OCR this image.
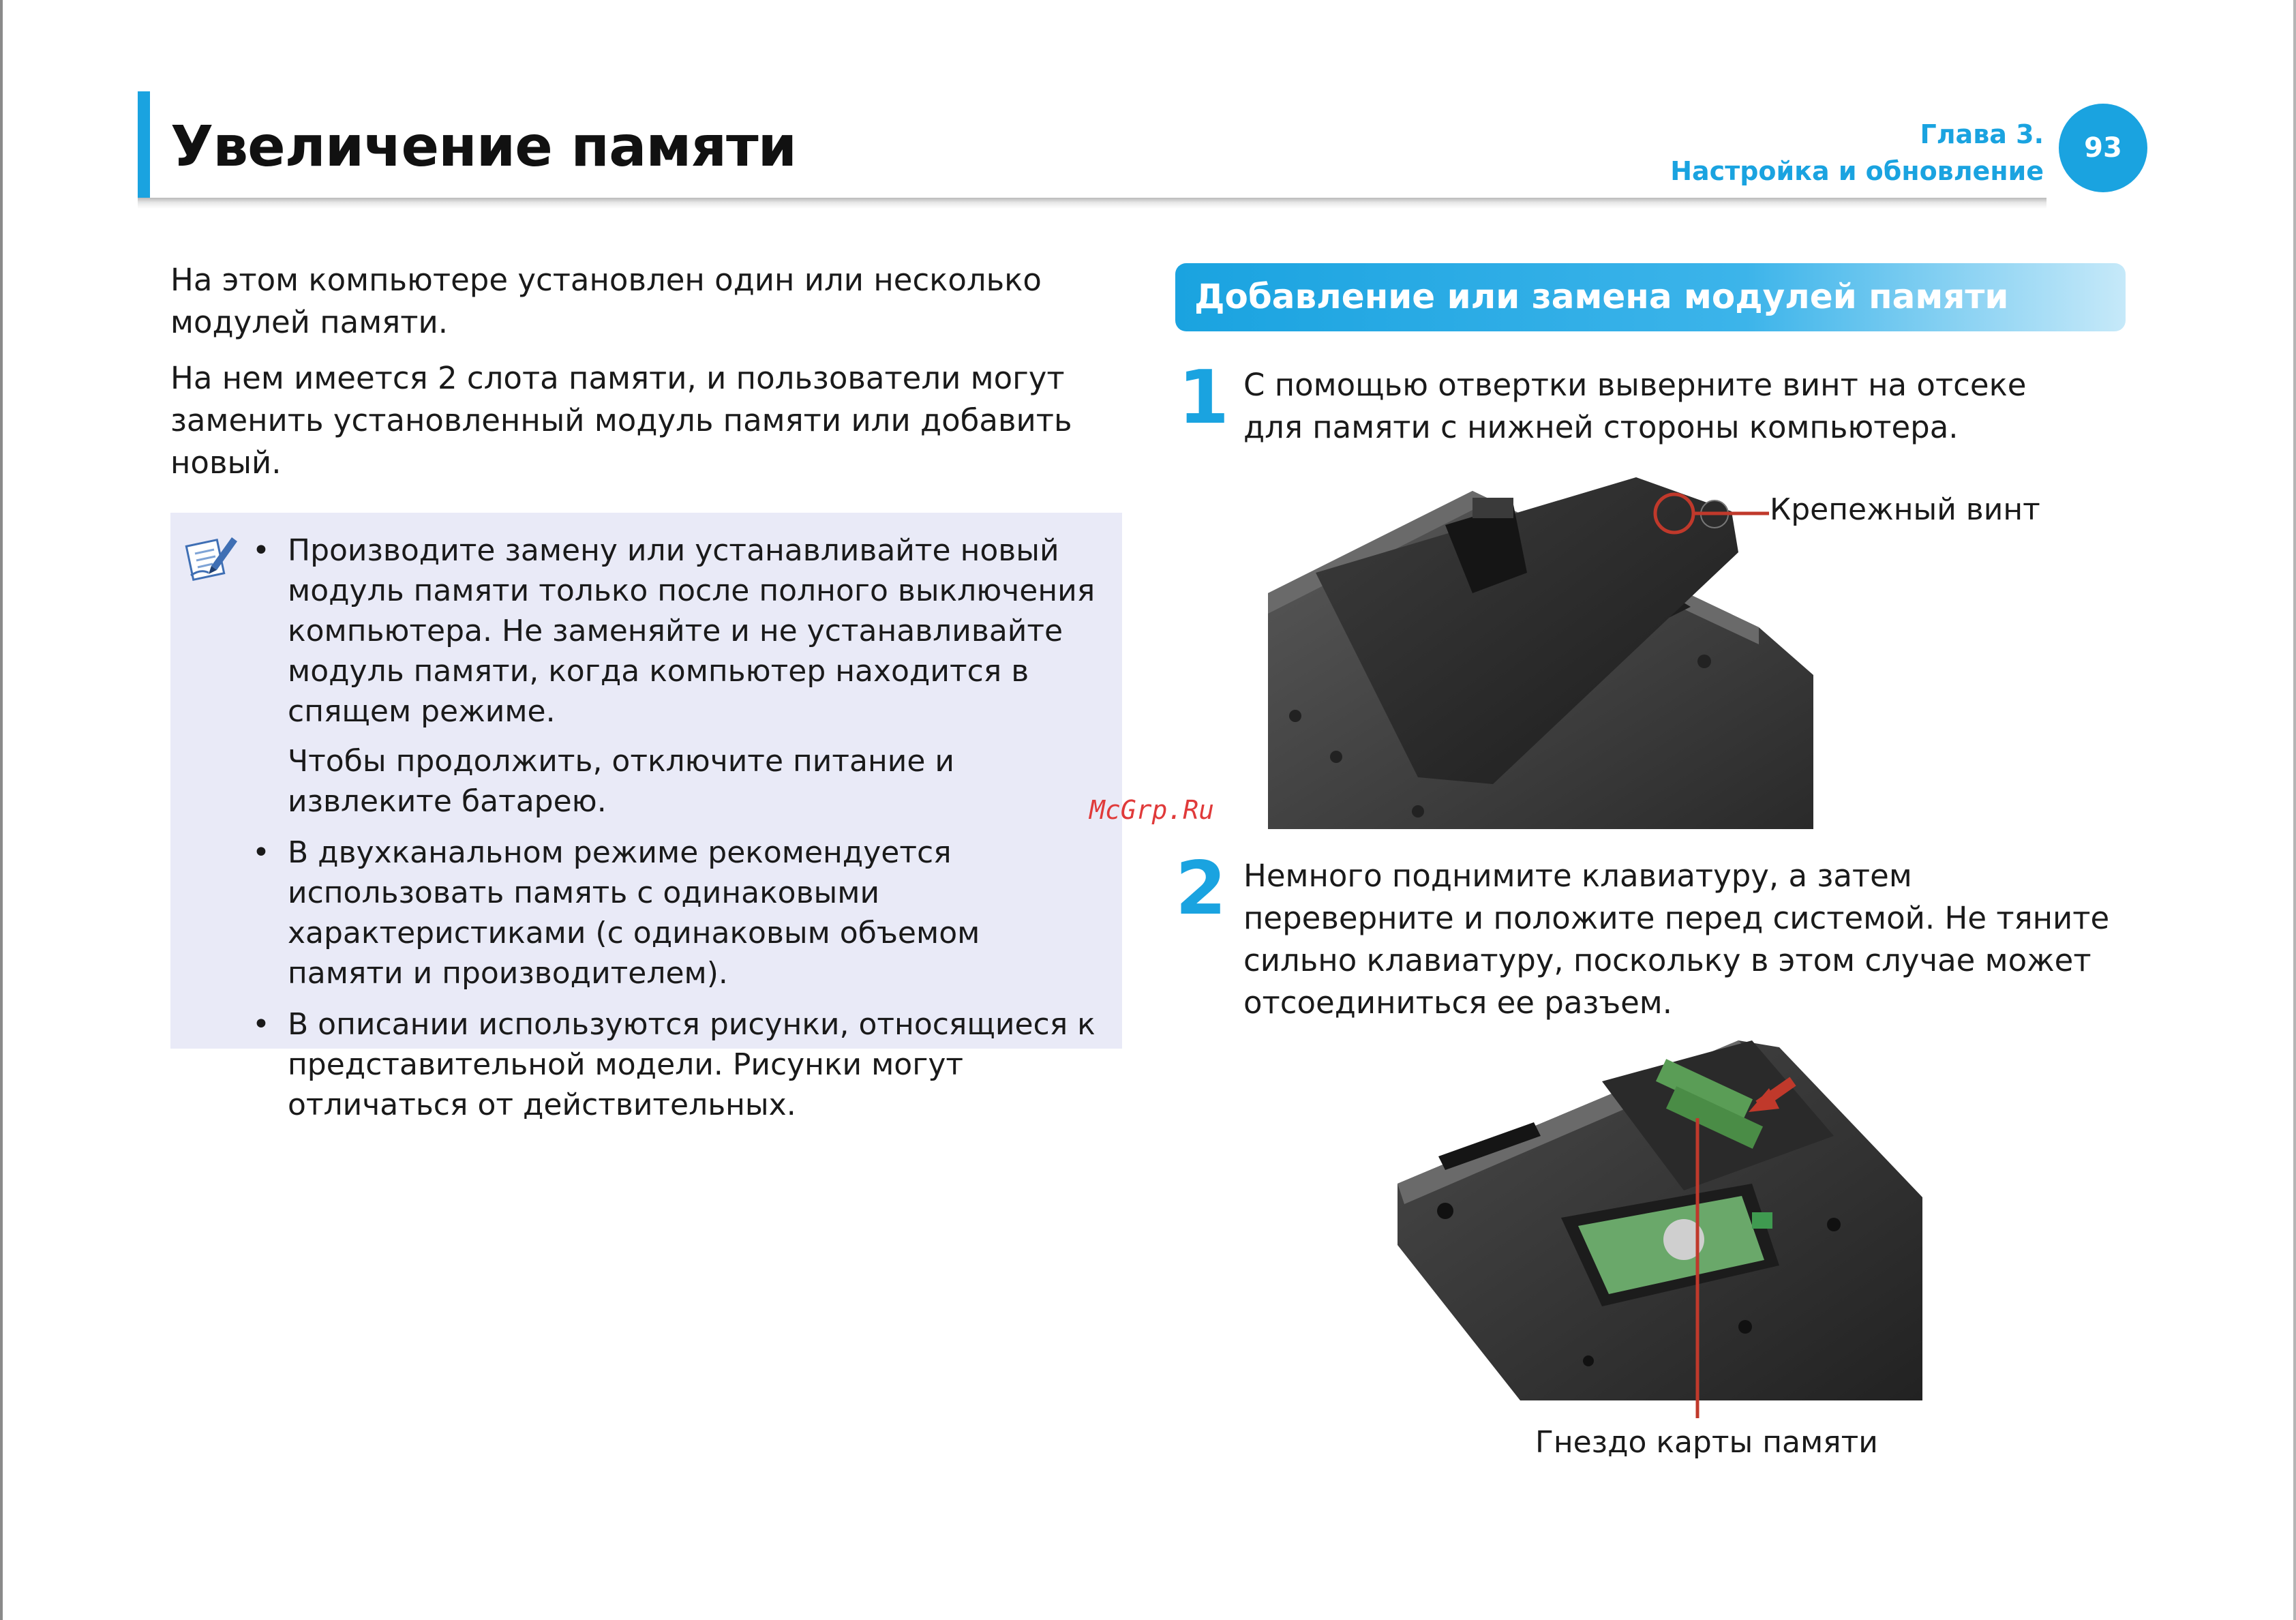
Увеличение памяти	Глава 3.
Настройка и обновление
93

На этом компьютере установлен один или несколько модулей памяти.

На нем имеется 2 слота памяти, и пользователи могут заменить установленный модуль памяти или добавить новый.

• Производите замену или устанавливайте новый модуль памяти только после полного выключения компьютера. Не заменяйте и не устанавливайте модуль памяти, когда компьютер находится в спящем режиме.

Чтобы продолжить, отключите питание и извлеките батарею.

• В двухканальном режиме рекомендуется использовать память с одинаковыми характеристиками (с одинаковым объемом памяти и производителем).

• В описании используются рисунки, относящиеся к представительной модели. Рисунки могут отличаться от действительных.

McGrp.Ru
Добавление или замена модулей памяти
1 С помощью отвертки выверните винт на отсеке для памяти с нижней стороны компьютера.
Крепежный винт
2 Немного поднимите клавиатуру, а затем переверните и положите перед системой. Не тяните сильно клавиатуру, поскольку в этом случае может отсоединиться ее разъем.
Гнездо карты памяти
